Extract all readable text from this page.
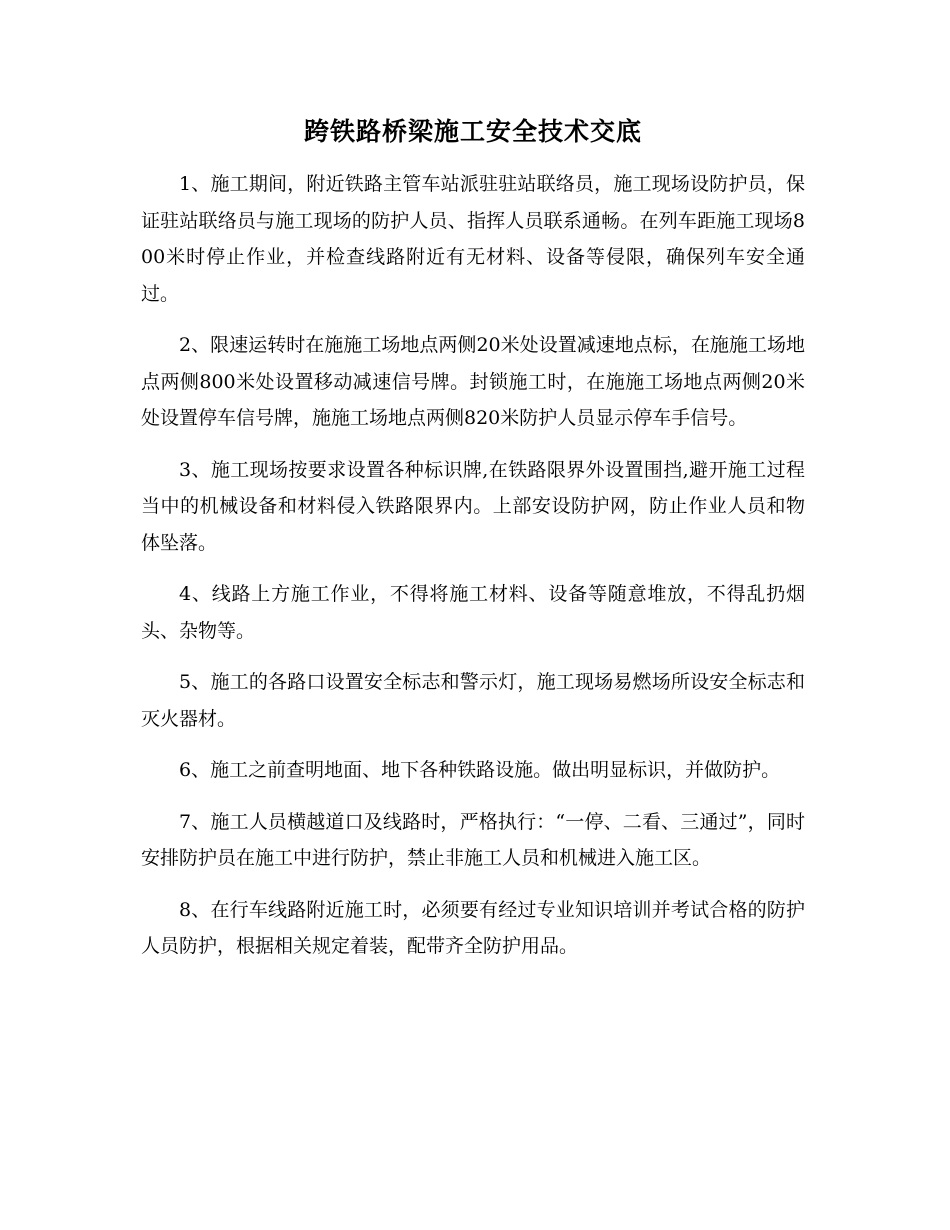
跨铁路桥梁施工安全技术交底

1、施工期间，附近铁路主管车站派驻驻站联络员，施工现场设防护员，保证驻站联络员与施工现场的防护人员、指挥人员联系通畅。在列车距施工现场800米时停止作业，并检查线路附近有无材料、设备等侵限，确保列车安全通过。

2、限速运转时在施施工场地点两侧20米处设置减速地点标，在施施工场地点两侧800米处设置移动减速信号牌。封锁施工时，在施施工场地点两侧20米处设置停车信号牌，施施工场地点两侧820米防护人员显示停车手信号。

3、施工现场按要求设置各种标识牌,在铁路限界外设置围挡,避开施工过程当中的机械设备和材料侵入铁路限界内。上部安设防护网，防止作业人员和物体坠落。

4、线路上方施工作业，不得将施工材料、设备等随意堆放，不得乱扔烟头、杂物等。

5、施工的各路口设置安全标志和警示灯，施工现场易燃场所设安全标志和灭火器材。

6、施工之前查明地面、地下各种铁路设施。做出明显标识，并做防护。

7、施工人员横越道口及线路时，严格执行：“一停、二看、三通过”，同时安排防护员在施工中进行防护，禁止非施工人员和机械进入施工区。

8、在行车线路附近施工时，必须要有经过专业知识培训并考试合格的防护人员防护，根据相关规定着装，配带齐全防护用品。
